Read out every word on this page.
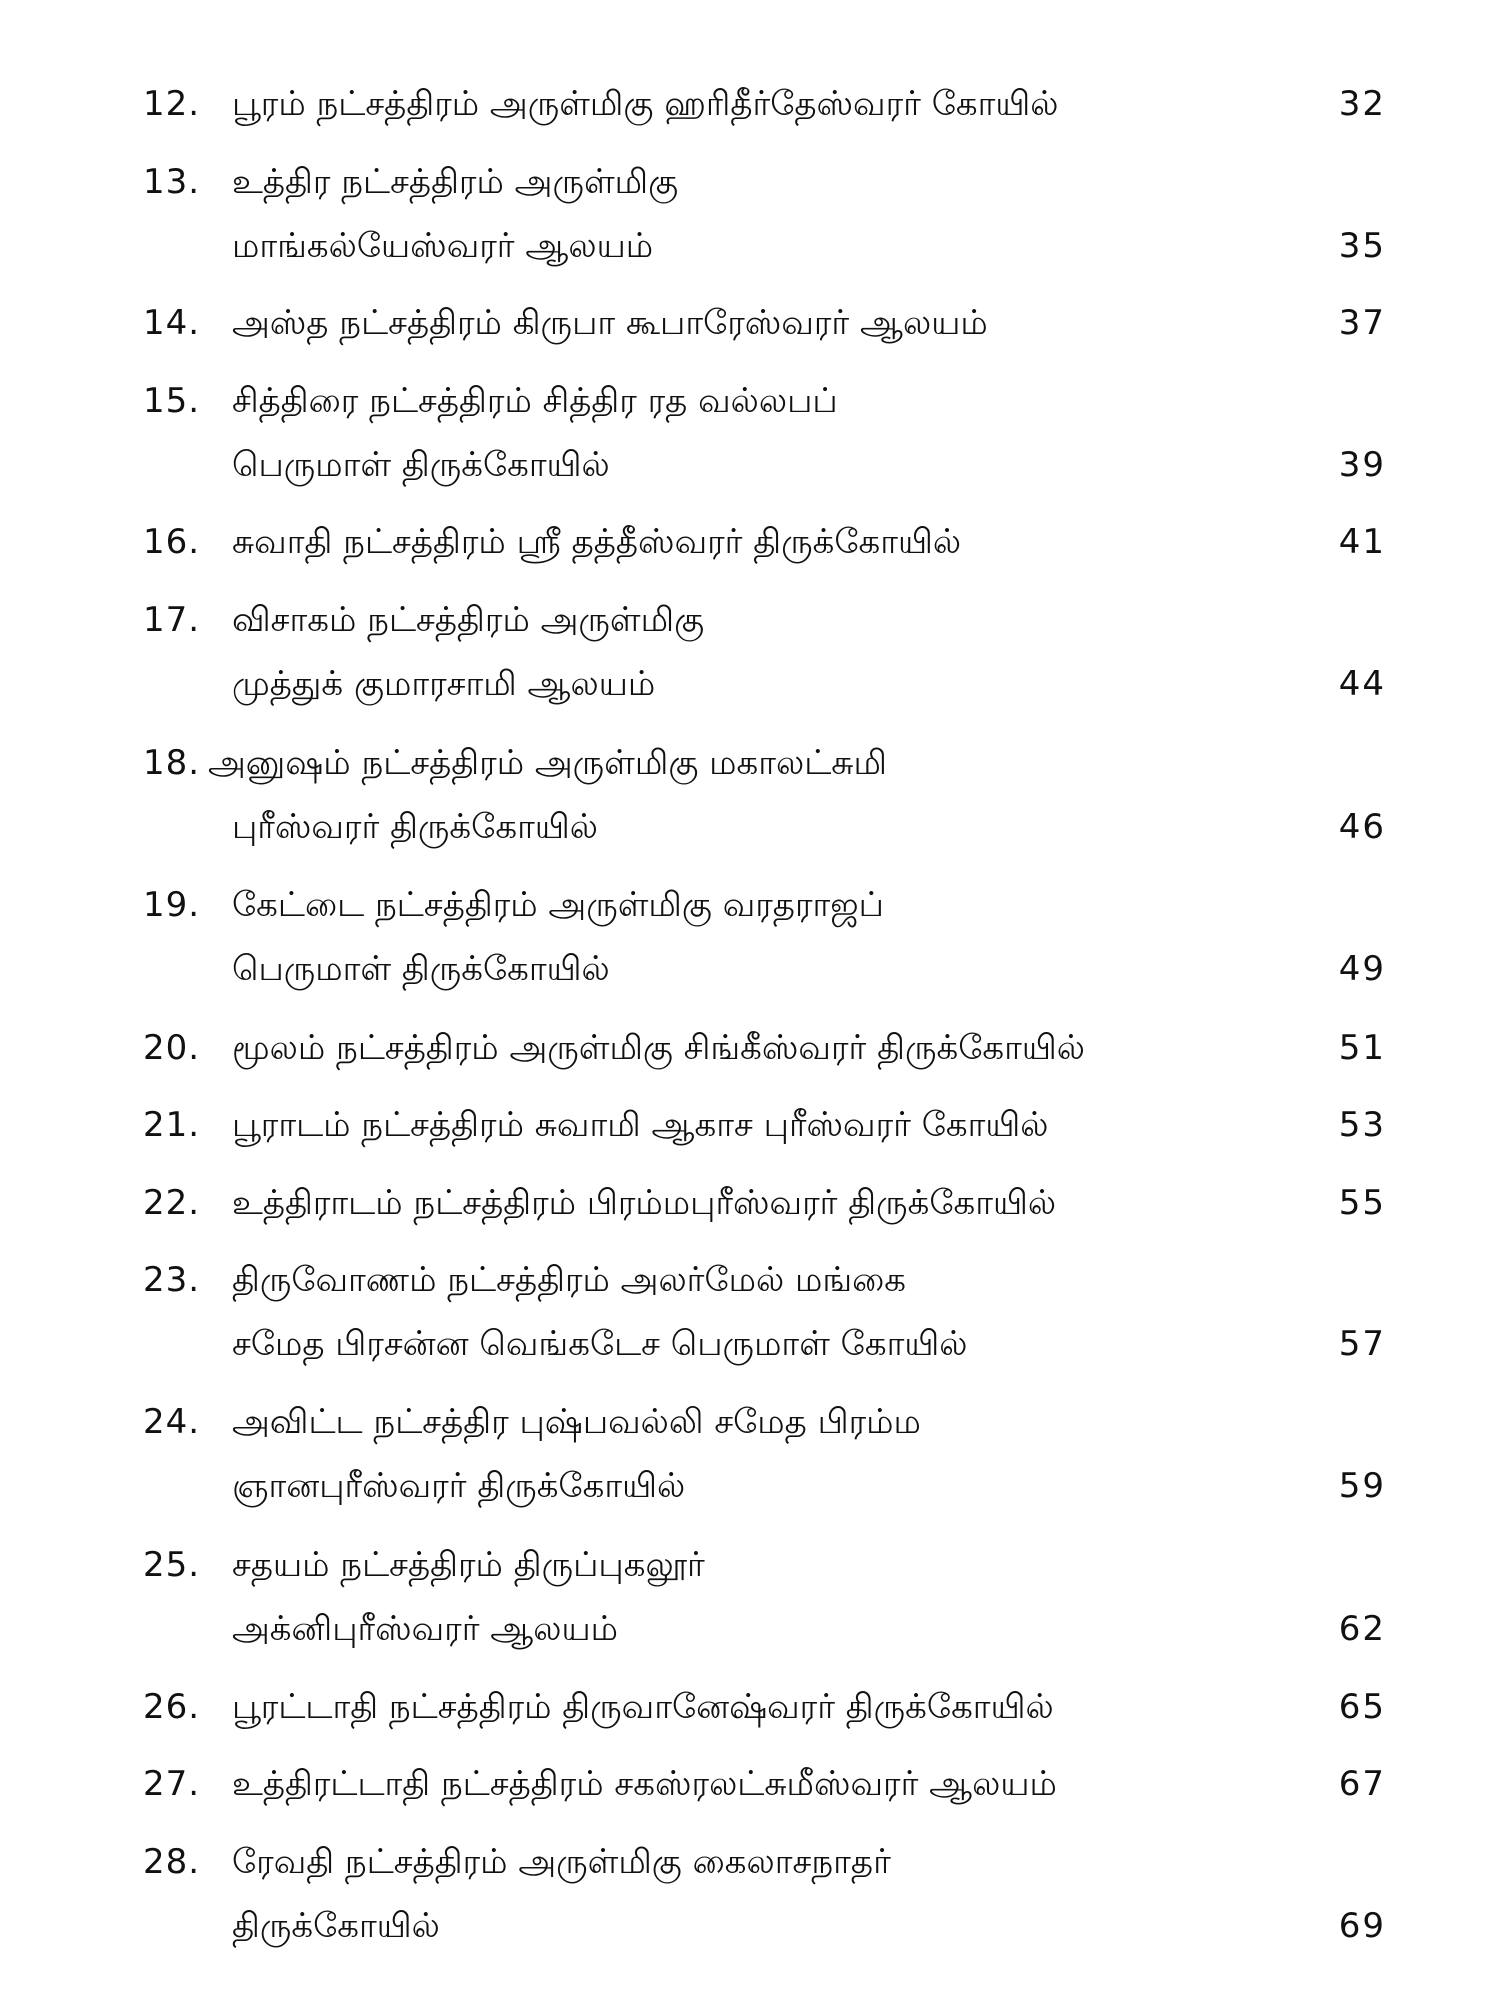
12. பூரம் நட்சத்திரம் அருள்மிகு ஹரிதீர்தேஸ்வரர் கோயில்	32
13. உத்திர நட்சத்திரம் அருள்மிகு
மாங்கல்யேஸ்வரர் ஆலயம்	35
14. அஸ்த நட்சத்திரம் கிருபா கூபாரேஸ்வரர் ஆலயம்	37
15. சித்திரை நட்சத்திரம் சித்திர ரத வல்லபப்
பெருமாள் திருக்கோயில்	39
16. சுவாதி நட்சத்திரம் ஸ்ரீ தத்தீஸ்வரர் திருக்கோயில்	41
17. விசாகம் நட்சத்திரம் அருள்மிகு
முத்துக் குமாரசாமி ஆலயம்	44
18. அனுஷம் நட்சத்திரம் அருள்மிகு மகாலட்சுமி
புரீஸ்வரர் திருக்கோயில்	46
19. கேட்டை நட்சத்திரம் அருள்மிகு வரதராஜப்
பெருமாள் திருக்கோயில்	49
20. மூலம் நட்சத்திரம் அருள்மிகு சிங்கீஸ்வரர் திருக்கோயில்	51
21. பூராடம் நட்சத்திரம் சுவாமி ஆகாச புரீஸ்வரர் கோயில்	53
22. உத்திராடம் நட்சத்திரம் பிரம்மபுரீஸ்வரர் திருக்கோயில்	55
23. திருவோணம் நட்சத்திரம் அலர்மேல் மங்கை
சமேத பிரசன்ன வெங்கடேச பெருமாள் கோயில்	57
24. அவிட்ட நட்சத்திர புஷ்பவல்லி சமேத பிரம்ம
ஞானபுரீஸ்வரர் திருக்கோயில்	59
25. சதயம் நட்சத்திரம் திருப்புகலூர்
அக்னிபுரீஸ்வரர் ஆலயம்	62
26. பூரட்டாதி நட்சத்திரம் திருவானேஷ்வரர் திருக்கோயில்	65
27. உத்திரட்டாதி நட்சத்திரம் சகஸ்ரலட்சுமீஸ்வரர் ஆலயம்	67
28. ரேவதி நட்சத்திரம் அருள்மிகு கைலாசநாதர்
திருக்கோயில்	69
